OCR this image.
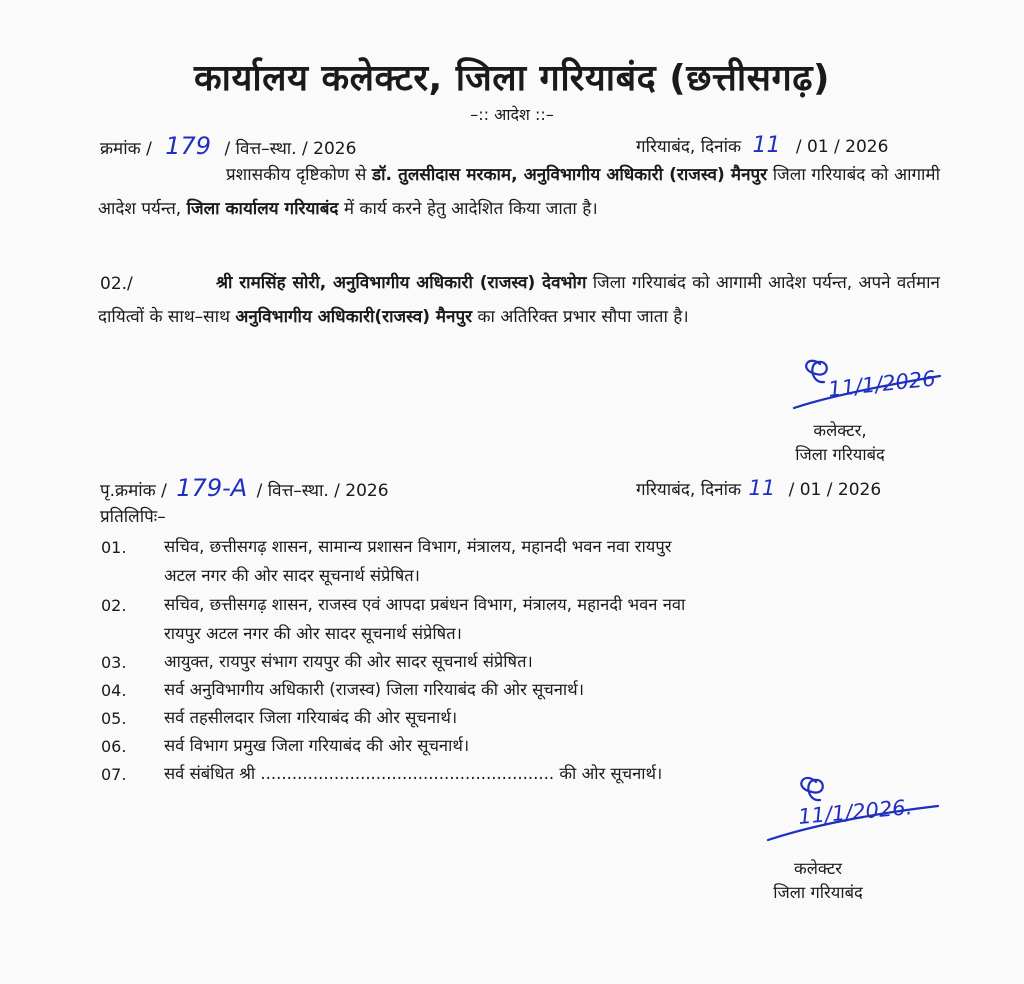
कार्यालय कलेक्टर, जिला गरियाबंद (छत्तीसगढ़)
–:: आदेश ::–
क्रमांक / 179 / वित्त–स्था. / 2026	गरियाबंद, दिनांक 11 / 01 / 2026
प्रशासकीय दृष्टिकोण से डॉ. तुलसीदास मरकाम, अनुविभागीय अधिकारी (राजस्व) मैनपुर जिला गरियाबंद को आगामी आदेश पर्यन्त, जिला कार्यालय गरियाबंद में कार्य करने हेतु आदेशित किया जाता है।
02./	श्री रामसिंह सोरी, अनुविभागीय अधिकारी (राजस्व) देवभोग जिला गरियाबंद को आगामी आदेश पर्यन्त, अपने वर्तमान दायित्वों के साथ–साथ अनुविभागीय अधिकारी(राजस्व) मैनपुर का अतिरिक्त प्रभार सौपा जाता है।
11/1/2026
कलेक्टर,
जिला गरियाबंद
पृ.क्रमांक / 179-A / वित्त–स्था. / 2026	गरियाबंद, दिनांक 11 / 01 / 2026
प्रतिलिपिः–
01. सचिव, छत्तीसगढ़ शासन, सामान्य प्रशासन विभाग, मंत्रालय, महानदी भवन नवा रायपुर
अटल नगर की ओर सादर सूचनार्थ संप्रेषित।
02. सचिव, छत्तीसगढ़ शासन, राजस्व एवं आपदा प्रबंधन विभाग, मंत्रालय, महानदी भवन नवा
रायपुर अटल नगर की ओर सादर सूचनार्थ संप्रेषित।
03. आयुक्त, रायपुर संभाग रायपुर की ओर सादर सूचनार्थ संप्रेषित।
04. सर्व अनुविभागीय अधिकारी (राजस्व) जिला गरियाबंद की ओर सूचनार्थ।
05. सर्व तहसीलदार जिला गरियाबंद की ओर सूचनार्थ।
06. सर्व विभाग प्रमुख जिला गरियाबंद की ओर सूचनार्थ।
07. सर्व संबंधित श्री ........................................................ की ओर सूचनार्थ।
11/1/2026.
कलेक्टर
जिला गरियाबंद
